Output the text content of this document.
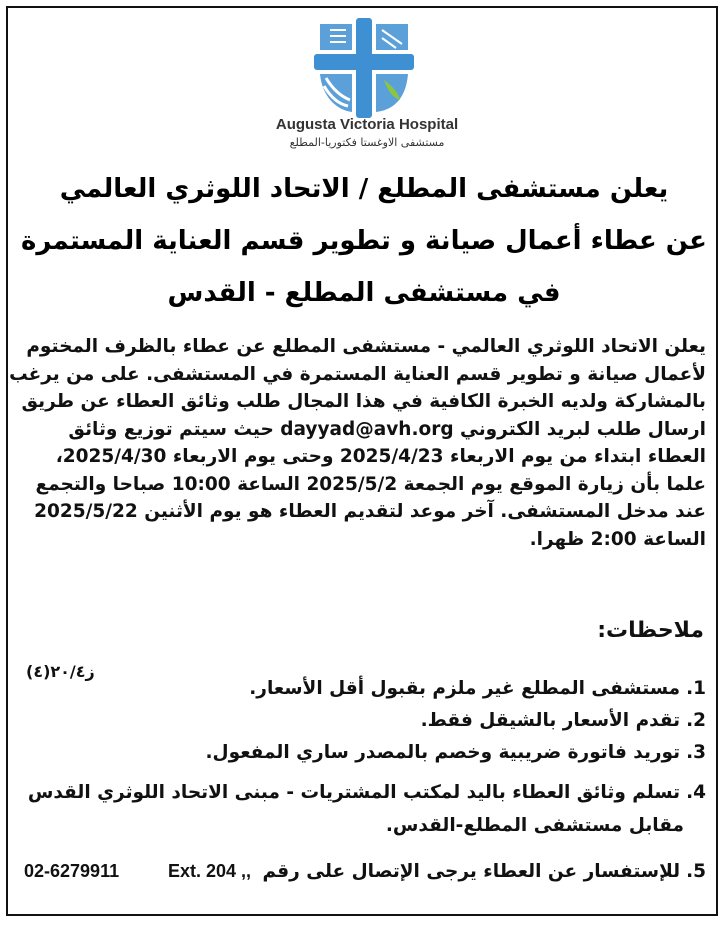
Augusta Victoria Hospital
مستشفى الاوغستا فكتوريا-المطلع
يعلن مستشفى المطلع / الاتحاد اللوثري العالمي
عن عطاء أعمال صيانة و تطوير قسم العناية المستمرة
في مستشفى المطلع - القدس
يعلن الاتحاد اللوثري العالمي - مستشفى المطلع عن عطاء بالظرف المختوم
لأعمال صيانة و تطوير قسم العناية المستمرة في المستشفى. على من يرغب
بالمشاركة ولديه الخبرة الكافية في هذا المجال طلب وثائق العطاء عن طريق
ارسال طلب لبريد الكتروني dayyad@avh.org حيث سيتم توزيع وثائق
العطاء ابتداء من يوم الاربعاء 2025/4/23 وحتى يوم الاربعاء 2025/4/30،
علما بأن زيارة الموقع يوم الجمعة 2025/5/2 الساعة 10:00 صباحا والتجمع
عند مدخل المستشفى. آخر موعد لتقديم العطاء هو يوم الأثنين 2025/5/22
الساعة 2:00 ظهرا.
ملاحظات:
ز٢٠/٤(٤)
1.مستشفى المطلع غير ملزم بقبول أقل الأسعار.
2.تقدم الأسعار بالشيقل فقط.
3.توريد فاتورة ضريبية وخصم بالمصدر ساري المفعول.
4.تسلم وثائق العطاء باليد لمكتب المشتريات - مبنى الاتحاد اللوثري القدس
مقابل مستشفى المطلع-القدس.
5.للإستفسار عن العطاء يرجى الإتصال على رقم
Ext. 204 ,,
02-6279911
